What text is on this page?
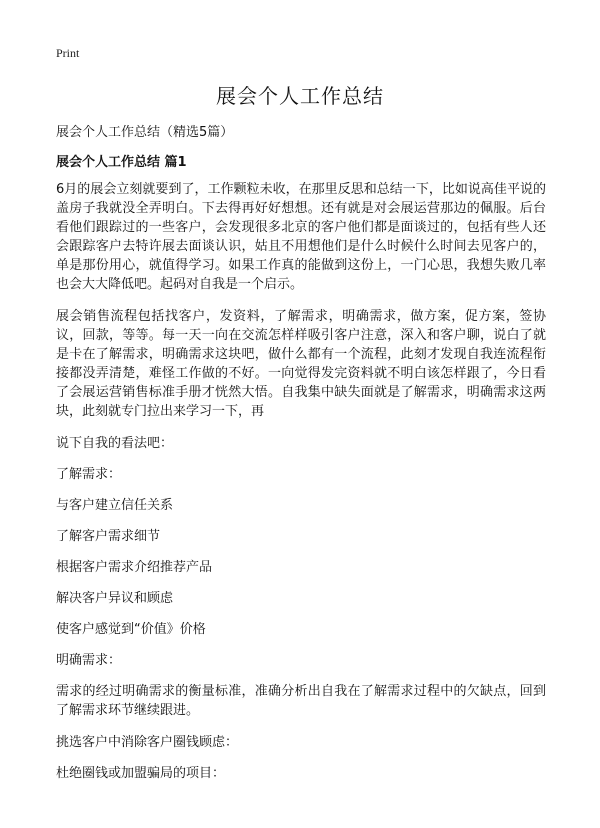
Print
展会个人工作总结
展会个人工作总结（精选5篇）
展会个人工作总结 篇1

6月的展会立刻就要到了，工作颗粒未收，在那里反思和总结一下，比如说高佳平说的盖房子我就没全弄明白。下去得再好好想想。还有就是对会展运营那边的佩服。后台看他们跟踪过的一些客户，会发现很多北京的客户他们都是面谈过的，包括有些人还会跟踪客户去特许展去面谈认识，姑且不用想他们是什么时候什么时间去见客户的，单是那份用心，就值得学习。如果工作真的能做到这份上，一门心思，我想失败几率也会大大降低吧。起码对自我是一个启示。

展会销售流程包括找客户，发资料，了解需求，明确需求，做方案，促方案，签协议，回款，等等。每一天一向在交流怎样样吸引客户注意，深入和客户聊，说白了就是卡在了解需求，明确需求这块吧，做什么都有一个流程，此刻才发现自我连流程衔接都没弄清楚，难怪工作做的不好。一向觉得发完资料就不明白该怎样跟了，今日看了会展运营销售标准手册才恍然大悟。自我集中缺失面就是了解需求，明确需求这两块，此刻就专门拉出来学习一下，再

说下自我的看法吧：

了解需求：

与客户建立信任关系

了解客户需求细节

根据客户需求介绍推荐产品

解决客户异议和顾虑

使客户感觉到“价值》价格

明确需求：

需求的经过明确需求的衡量标准，准确分析出自我在了解需求过程中的欠缺点，回到了解需求环节继续跟进。

挑选客户中消除客户圈钱顾虑：

杜绝圈钱或加盟骗局的项目：
